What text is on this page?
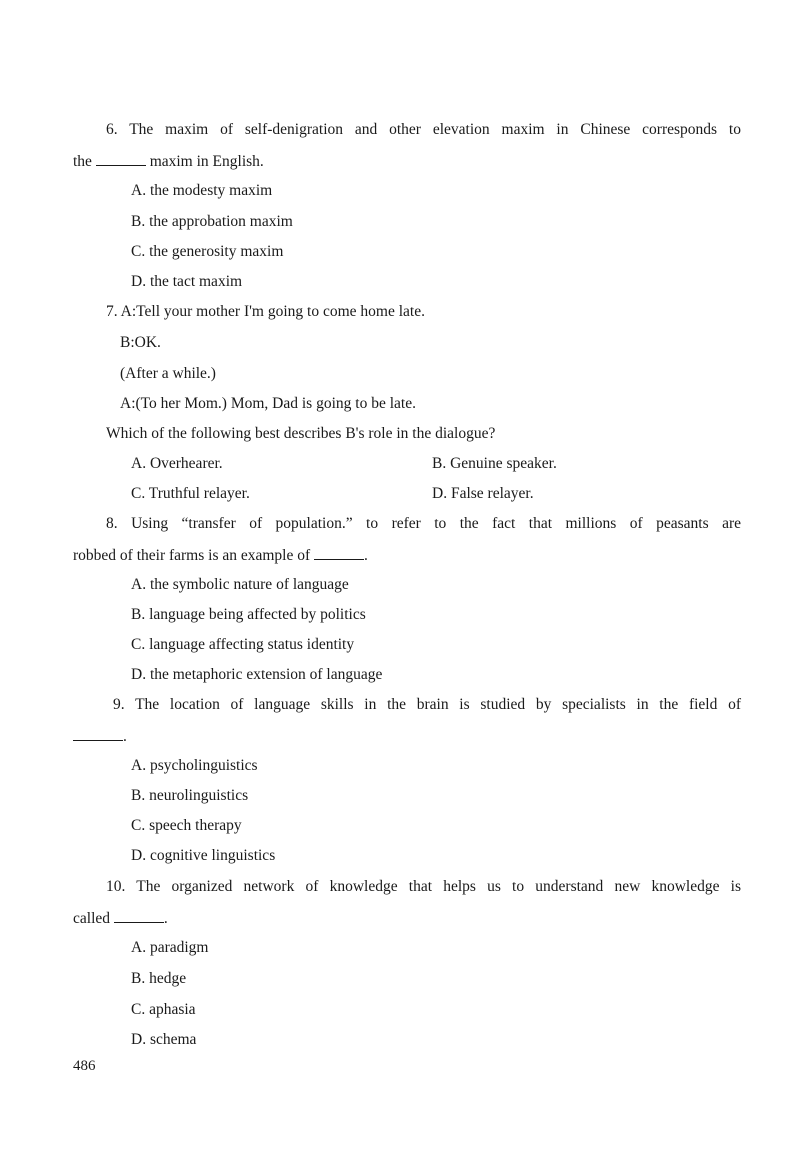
6. The maxim of self-denigration and other elevation maxim in Chinese corresponds to
the	maxim in English.
A. the modesty maxim
B. the approbation maxim
C. the generosity maxim
D. the tact maxim
7. A:Tell your mother I'm going to come home late.
B:OK.
(After a while.)
A:(To her Mom.) Mom, Dad is going to be late.
Which of the following best describes B's role in the dialogue?
A. Overhearer.	B. Genuine speaker.
C. Truthful relayer.	D. False relayer.
8. Using “transfer of population.” to refer to the fact that millions of peasants are
robbed of their farms is an example of	.
A. the symbolic nature of language
B. language being affected by politics
C. language affecting status identity
D. the metaphoric extension of language
9. The location of language skills in the brain is studied by specialists in the field of
.
A. psycholinguistics
B. neurolinguistics
C. speech therapy
D. cognitive linguistics
10. The organized network of knowledge that helps us to understand new knowledge is
called	.
A. paradigm
B. hedge
C. aphasia
D. schema
486
